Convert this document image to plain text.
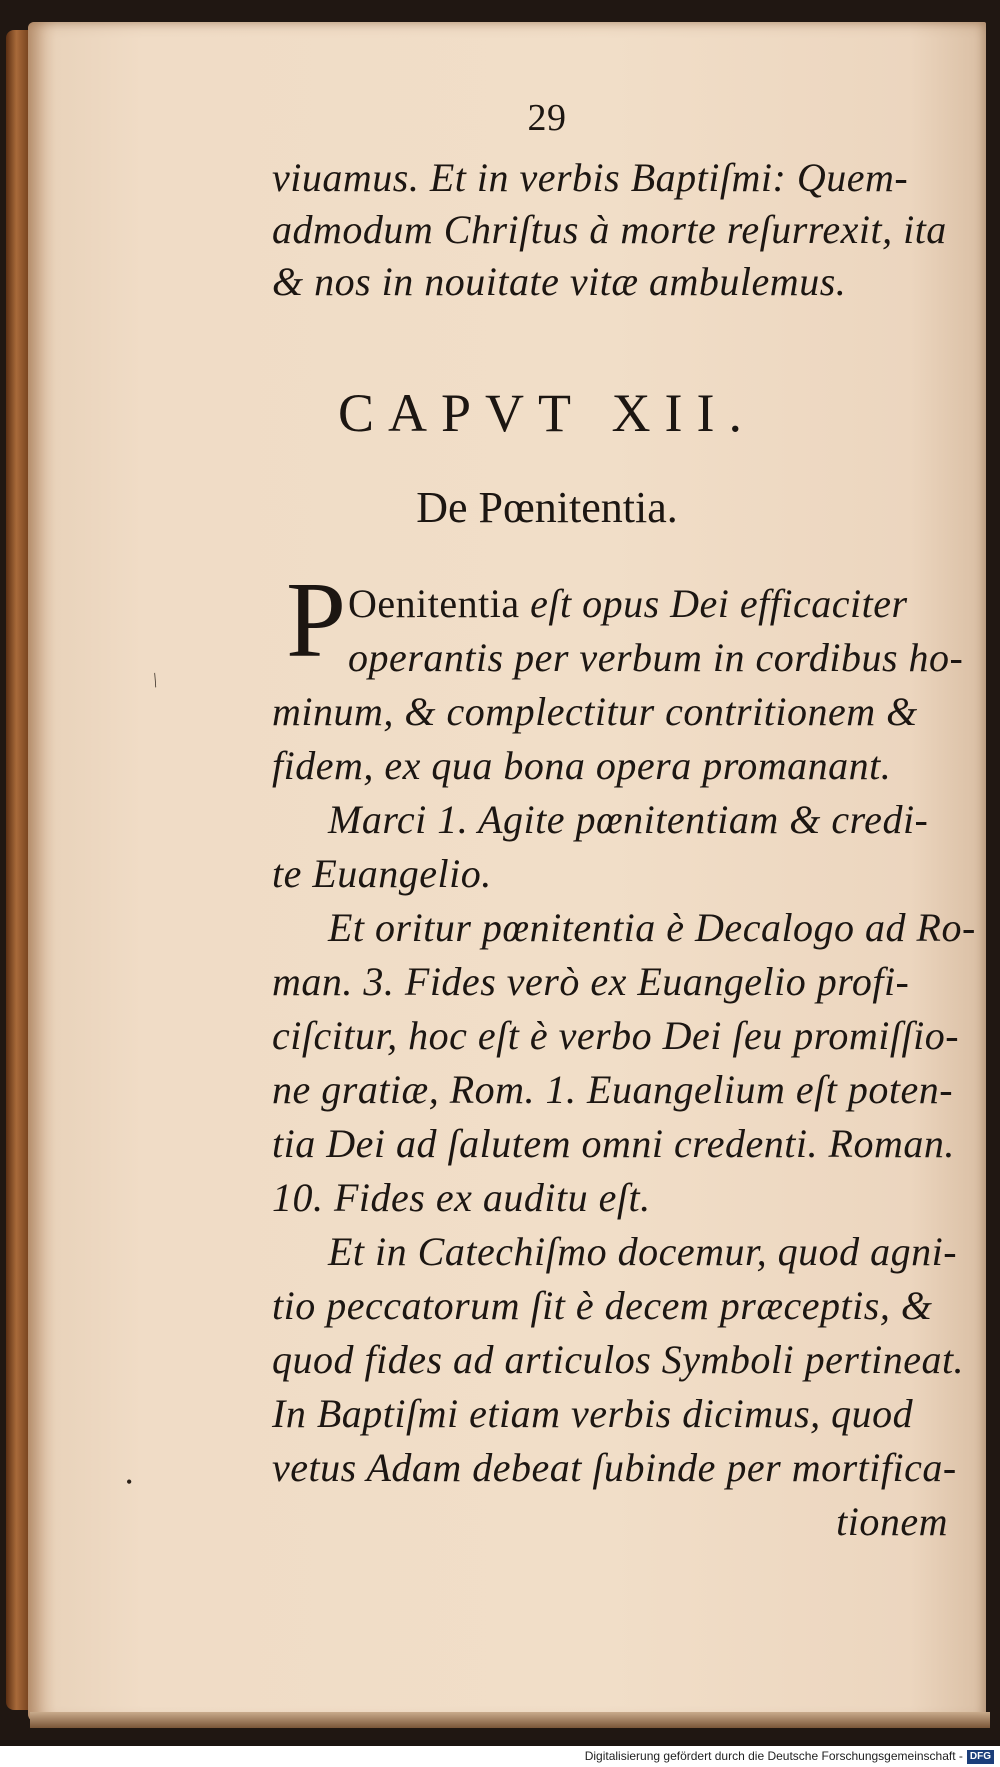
29
viuamus. Et in verbis Baptiſmi: Quem-
admodum Chriſtus à morte reſurrexit, ita
& nos in nouitate vitæ ambulemus.
CAPVT XII.
De Pœnitentia.
P Oenitentia eſt opus Dei efficaciter
operantis per verbum in cordibus ho-
minum, & complectitur contritionem &
fidem, ex qua bona opera promanant.
Marci 1. Agite pœnitentiam & credi-
te Euangelio.
Et oritur pœnitentia è Decalogo ad Ro-
man. 3. Fides verò ex Euangelio profi-
ciſcitur, hoc eſt è verbo Dei ſeu promiſſio-
ne gratiæ, Rom. 1. Euangelium eſt poten-
tia Dei ad ſalutem omni credenti. Roman.
10. Fides ex auditu eſt.
Et in Catechiſmo docemur, quod agni-
tio peccatorum ſit è decem præceptis, &
quod fides ad articulos Symboli pertineat.
In Baptiſmi etiam verbis dicimus, quod
vetus Adam debeat ſubinde per mortifica-
tionem
⁄
•
Digitalisierung gefördert durch die Deutsche Forschungsgemeinschaft - DFG
